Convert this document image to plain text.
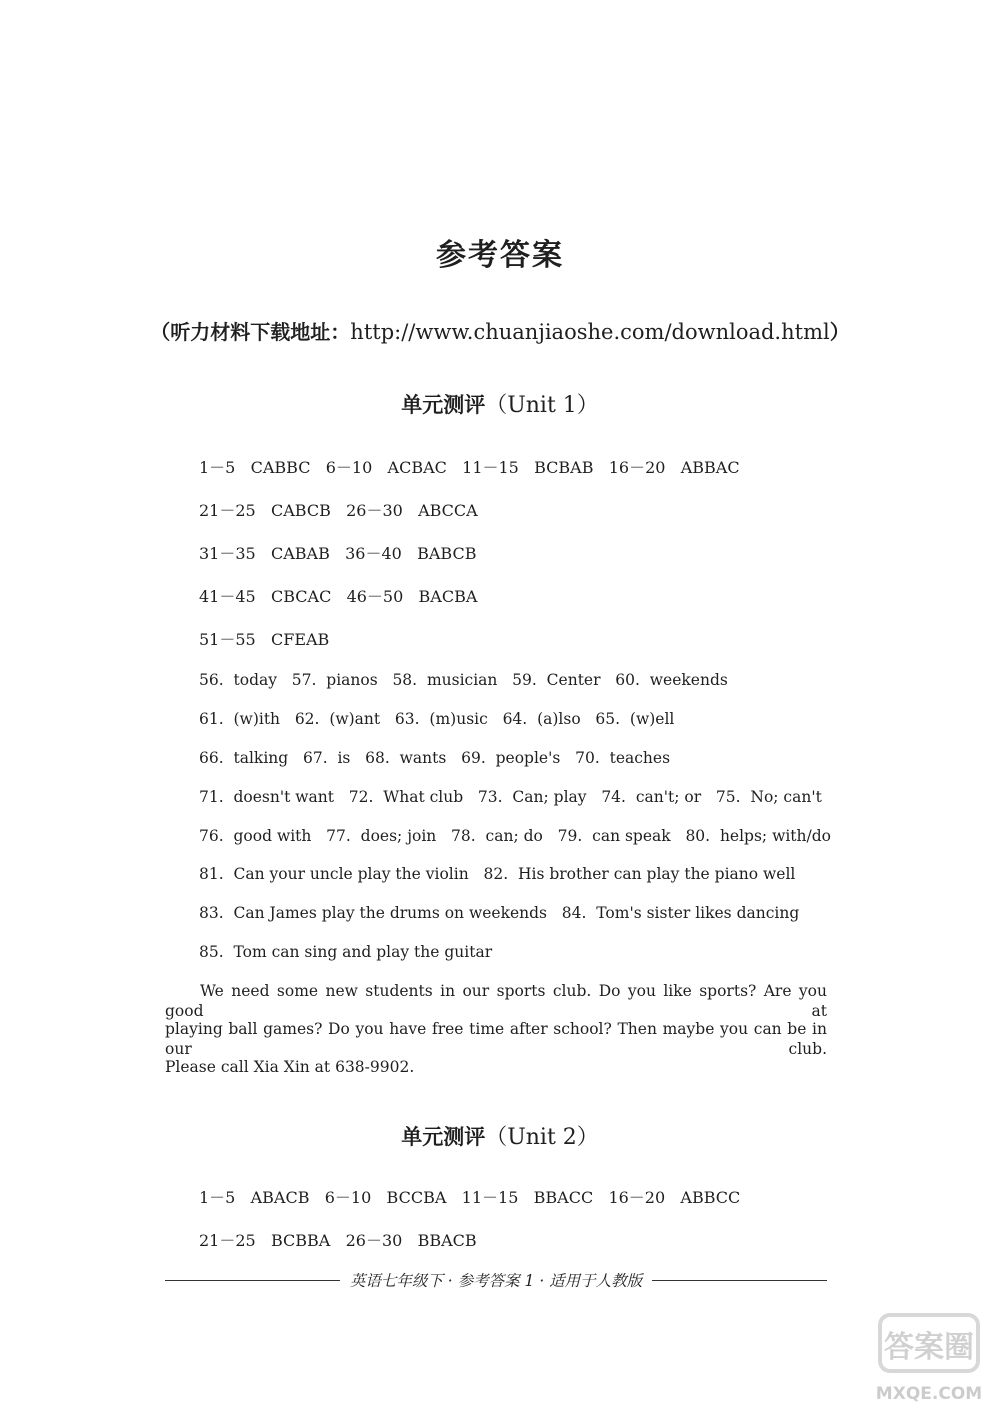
参考答案
（听力材料下载地址：http://www.chuanjiaoshe.com/download.html）
单元测评（Unit 1）
1－5   CABBC   6－10   ACBAC   11－15   BCBAB   16－20   ABBAC
21－25   CABCB   26－30   ABCCA
31－35   CABAB   36－40   BABCB
41－45   CBCAC   46－50   BACBA
51－55   CFEAB
56.  today   57.  pianos   58.  musician   59.  Center   60.  weekends
61.  (w)ith   62.  (w)ant   63.  (m)usic   64.  (a)lso   65.  (w)ell
66.  talking   67.  is   68.  wants   69.  people's   70.  teaches
71.  doesn't want   72.  What club   73.  Can; play   74.  can't; or   75.  No; can't
76.  good with   77.  does; join   78.  can; do   79.  can speak   80.  helps; with/do
81.  Can your uncle play the violin   82.  His brother can play the piano well
83.  Can James play the drums on weekends   84.  Tom's sister likes dancing
85.  Tom can sing and play the guitar
We need some new students in our sports club. Do you like sports? Are you good at
playing ball games? Do you have free time after school? Then maybe you can be in our club.
Please call Xia Xin at 638-9902.
单元测评（Unit 2）
1－5   ABACB   6－10   BCCBA   11－15   BBACC   16－20   ABBCC
21－25   BCBBA   26－30   BBACB
英语七年级下 · 参考答案 1 · 适用于人教版
答案圈
MXQE.COM
